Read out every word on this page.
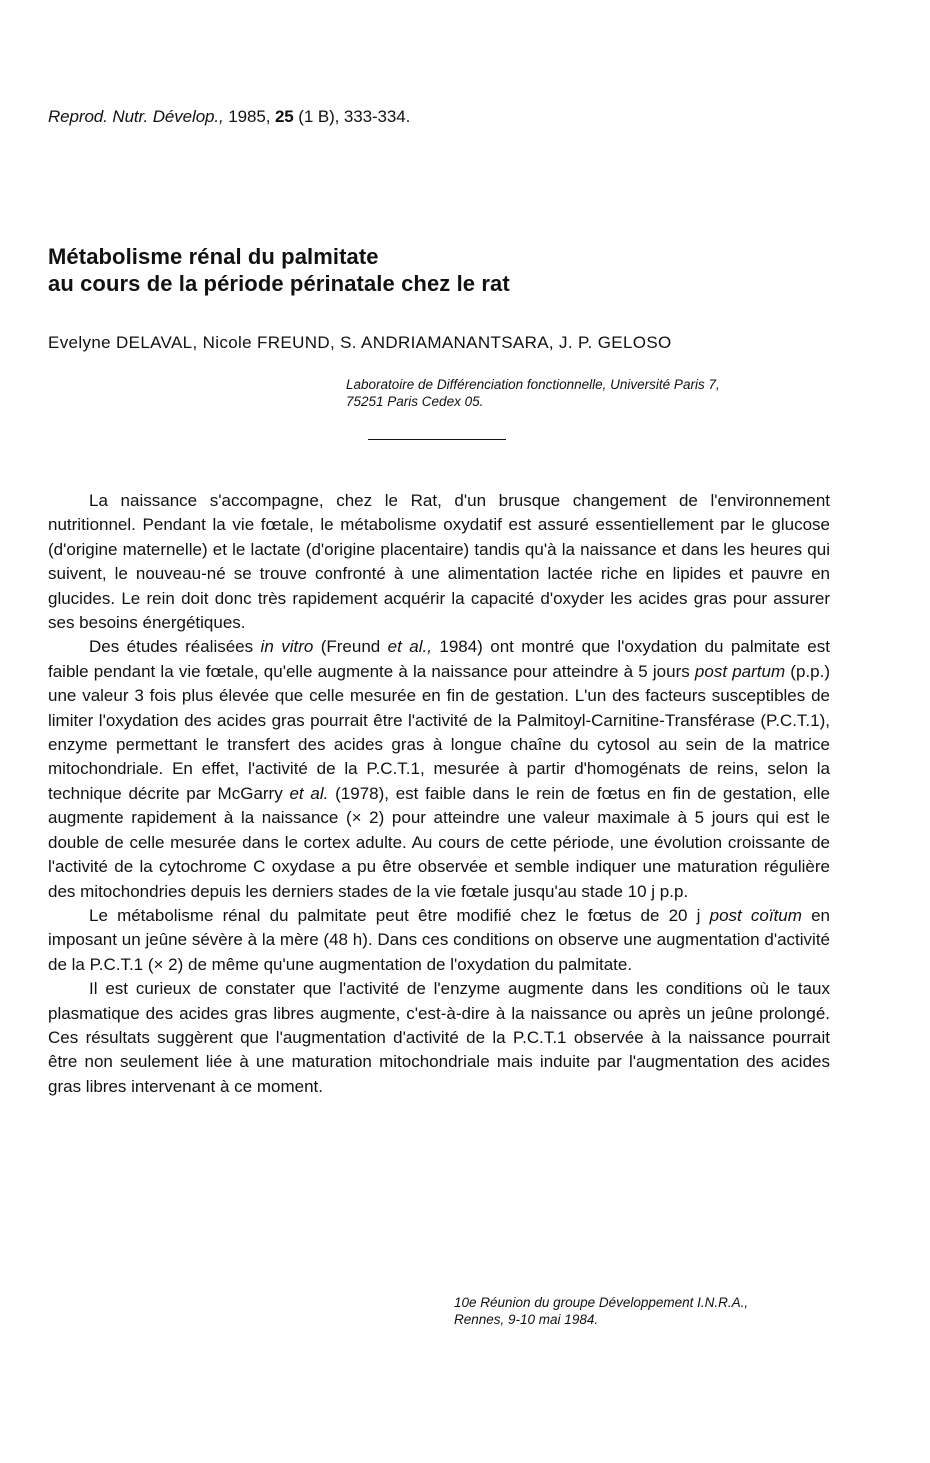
Reprod. Nutr. Dévelop., 1985, 25 (1 B), 333-334.
Métabolisme rénal du palmitate
au cours de la période périnatale chez le rat
Evelyne DELAVAL, Nicole FREUND, S. ANDRIAMANANTSARA, J. P. GELOSO
Laboratoire de Différenciation fonctionnelle, Université Paris 7,
75251 Paris Cedex 05.

La naissance s'accompagne, chez le Rat, d'un brusque changement de l'environnement nutritionnel. Pendant la vie fœtale, le métabolisme oxydatif est assuré essentiellement par le glucose (d'origine maternelle) et le lactate (d'origine placentaire) tandis qu'à la naissance et dans les heures qui suivent, le nouveau-né se trouve confronté à une alimentation lactée riche en lipides et pauvre en glucides. Le rein doit donc très rapidement acquérir la capacité d'oxyder les acides gras pour assurer ses besoins énergétiques.

Des études réalisées in vitro (Freund et al., 1984) ont montré que l'oxydation du palmitate est faible pendant la vie fœtale, qu'elle augmente à la naissance pour atteindre à 5 jours post partum (p.p.) une valeur 3 fois plus élevée que celle mesurée en fin de gestation. L'un des facteurs susceptibles de limiter l'oxydation des acides gras pourrait être l'activité de la Palmitoyl-Carnitine-Transférase (P.C.T.1), enzyme permettant le transfert des acides gras à longue chaîne du cytosol au sein de la matrice mitochondriale. En effet, l'activité de la P.C.T.1, mesurée à partir d'homogénats de reins, selon la technique décrite par McGarry et al. (1978), est faible dans le rein de fœtus en fin de gestation, elle augmente rapidement à la naissance (× 2) pour atteindre une valeur maximale à 5 jours qui est le double de celle mesurée dans le cortex adulte. Au cours de cette période, une évolution croissante de l'activité de la cytochrome C oxydase a pu être observée et semble indiquer une maturation régulière des mitochondries depuis les derniers stades de la vie fœtale jusqu'au stade 10 j p.p.

Le métabolisme rénal du palmitate peut être modifié chez le fœtus de 20 j post coïtum en imposant un jeûne sévère à la mère (48 h). Dans ces conditions on observe une augmentation d'activité de la P.C.T.1 (× 2) de même qu'une augmentation de l'oxydation du palmitate.

Il est curieux de constater que l'activité de l'enzyme augmente dans les conditions où le taux plasmatique des acides gras libres augmente, c'est-à-dire à la naissance ou après un jeûne prolongé. Ces résultats suggèrent que l'augmentation d'activité de la P.C.T.1 observée à la naissance pourrait être non seulement liée à une maturation mitochondriale mais induite par l'augmentation des acides gras libres intervenant à ce moment.

10e Réunion du groupe Développement I.N.R.A.,
Rennes, 9-10 mai 1984.
